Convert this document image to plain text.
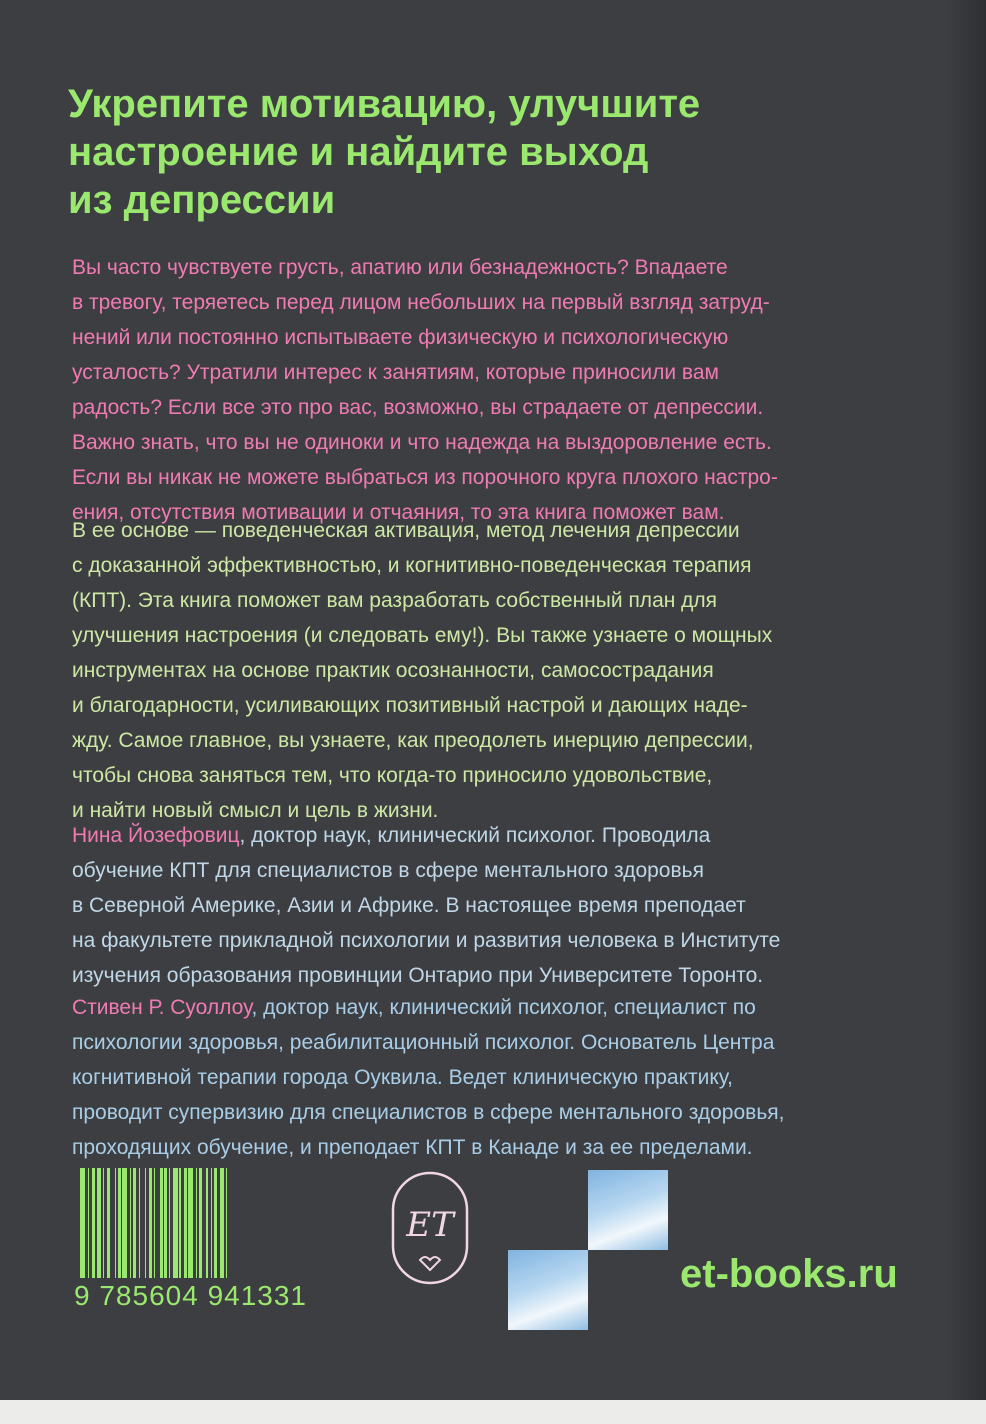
Укрепите мотивацию, улучшите
настроение и найдите выход
из депрессии

Вы часто чувствуете грусть, апатию или безнадежность? Впадаете
в тревогу, теряетесь перед лицом небольших на первый взгляд затруд-
нений или постоянно испытываете физическую и психологическую
усталость? Утратили интерес к занятиям, которые приносили вам
радость? Если все это про вас, возможно, вы страдаете от депрессии.
Важно знать, что вы не одиноки и что надежда на выздоровление есть.
Если вы никак не можете выбраться из порочного круга плохого настро-
ения, отсутствия мотивации и отчаяния, то эта книга поможет вам.

В ее основе — поведенческая активация, метод лечения депрессии
с доказанной эффективностью, и когнитивно-поведенческая терапия
(КПТ). Эта книга поможет вам разработать собственный план для
улучшения настроения (и следовать ему!). Вы также узнаете о мощных
инструментах на основе практик осознанности, самосострадания
и благодарности, усиливающих позитивный настрой и дающих наде-
жду. Самое главное, вы узнаете, как преодолеть инерцию депрессии,
чтобы снова заняться тем, что когда-то приносило удовольствие,
и найти новый смысл и цель в жизни.

Нина Йозефовиц, доктор наук, клинический психолог. Проводила
обучение КПТ для специалистов в сфере ментального здоровья
в Северной Америке, Азии и Африке. В настоящее время преподает
на факультете прикладной психологии и развития человека в Институте
изучения образования провинции Онтарио при Университете Торонто.

Стивен Р. Суоллоу, доктор наук, клинический психолог, специалист по
психологии здоровья, реабилитационный психолог. Основатель Центра
когнитивной терапии города Оуквила. Ведет клиническую практику,
проводит супервизию для специалистов в сфере ментального здоровья,
проходящих обучение, и преподает КПТ в Канаде и за ее пределами.

9 785604 941331
ET
et-books.ru
